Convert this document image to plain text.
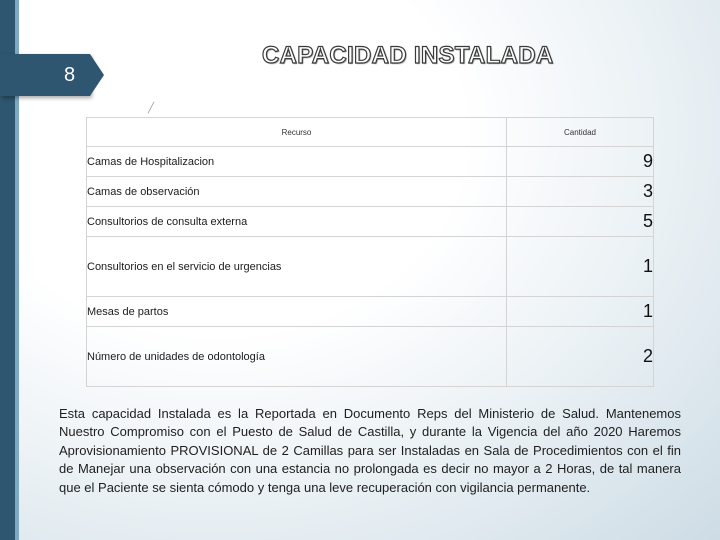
8
CAPACIDAD INSTALADA
╱
Recurso	Cantidad
Camas de Hospitalizacion	9
Camas de observación	3
Consultorios de consulta externa	5
Consultorios en el servicio de urgencias	1
Mesas de partos	1
Número de unidades de odontología	2
Esta capacidad Instalada es la Reportada en Documento Reps del Ministerio de Salud. Mantenemos Nuestro Compromiso con el Puesto de Salud de Castilla, y durante la Vigencia del año 2020 Haremos Aprovisionamiento PROVISIONAL de 2 Camillas para ser Instaladas en Sala de Procedimientos con el fin de Manejar una observación con una estancia no prolongada es decir no mayor a 2 Horas, de tal manera que el Paciente se sienta cómodo y tenga una leve recuperación con vigilancia permanente.
